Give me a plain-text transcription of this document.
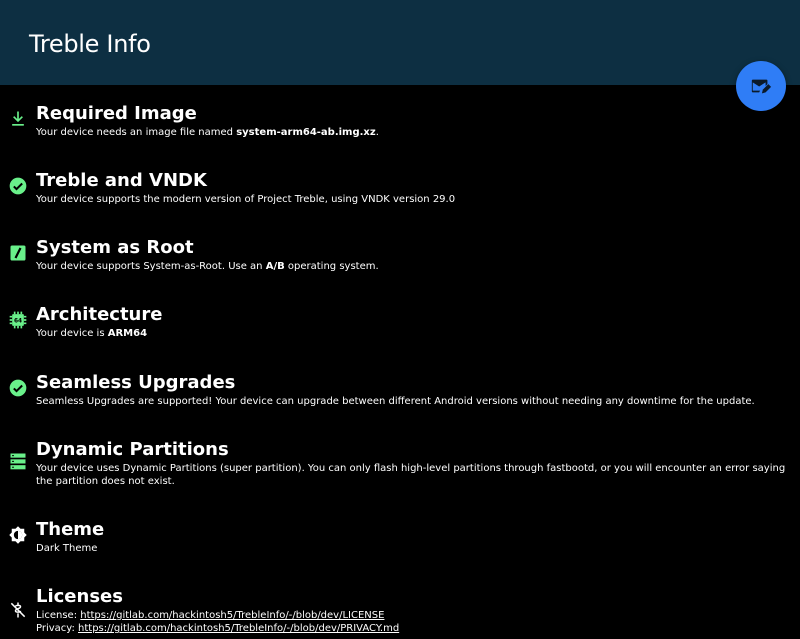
Treble Info
Required Image
Your device needs an image file named system-arm64-ab.img.xz.
Treble and VNDK
Your device supports the modern version of Project Treble, using VNDK version 29.0
System as Root
Your device supports System-as-Root. Use an A/B operating system.
64 Architecture
Your device is ARM64
Seamless Upgrades
Seamless Upgrades are supported! Your device can upgrade between different Android versions without needing any downtime for the update.
Dynamic Partitions
Your device uses Dynamic Partitions (super partition). You can only flash high-level partitions through fastbootd, or you will encounter an error saying the partition does not exist.
Theme
Dark Theme
Licenses
License: https://gitlab.com/hackintosh5/TrebleInfo/-/blob/dev/LICENSE
Privacy: https://gitlab.com/hackintosh5/TrebleInfo/-/blob/dev/PRIVACY.md
